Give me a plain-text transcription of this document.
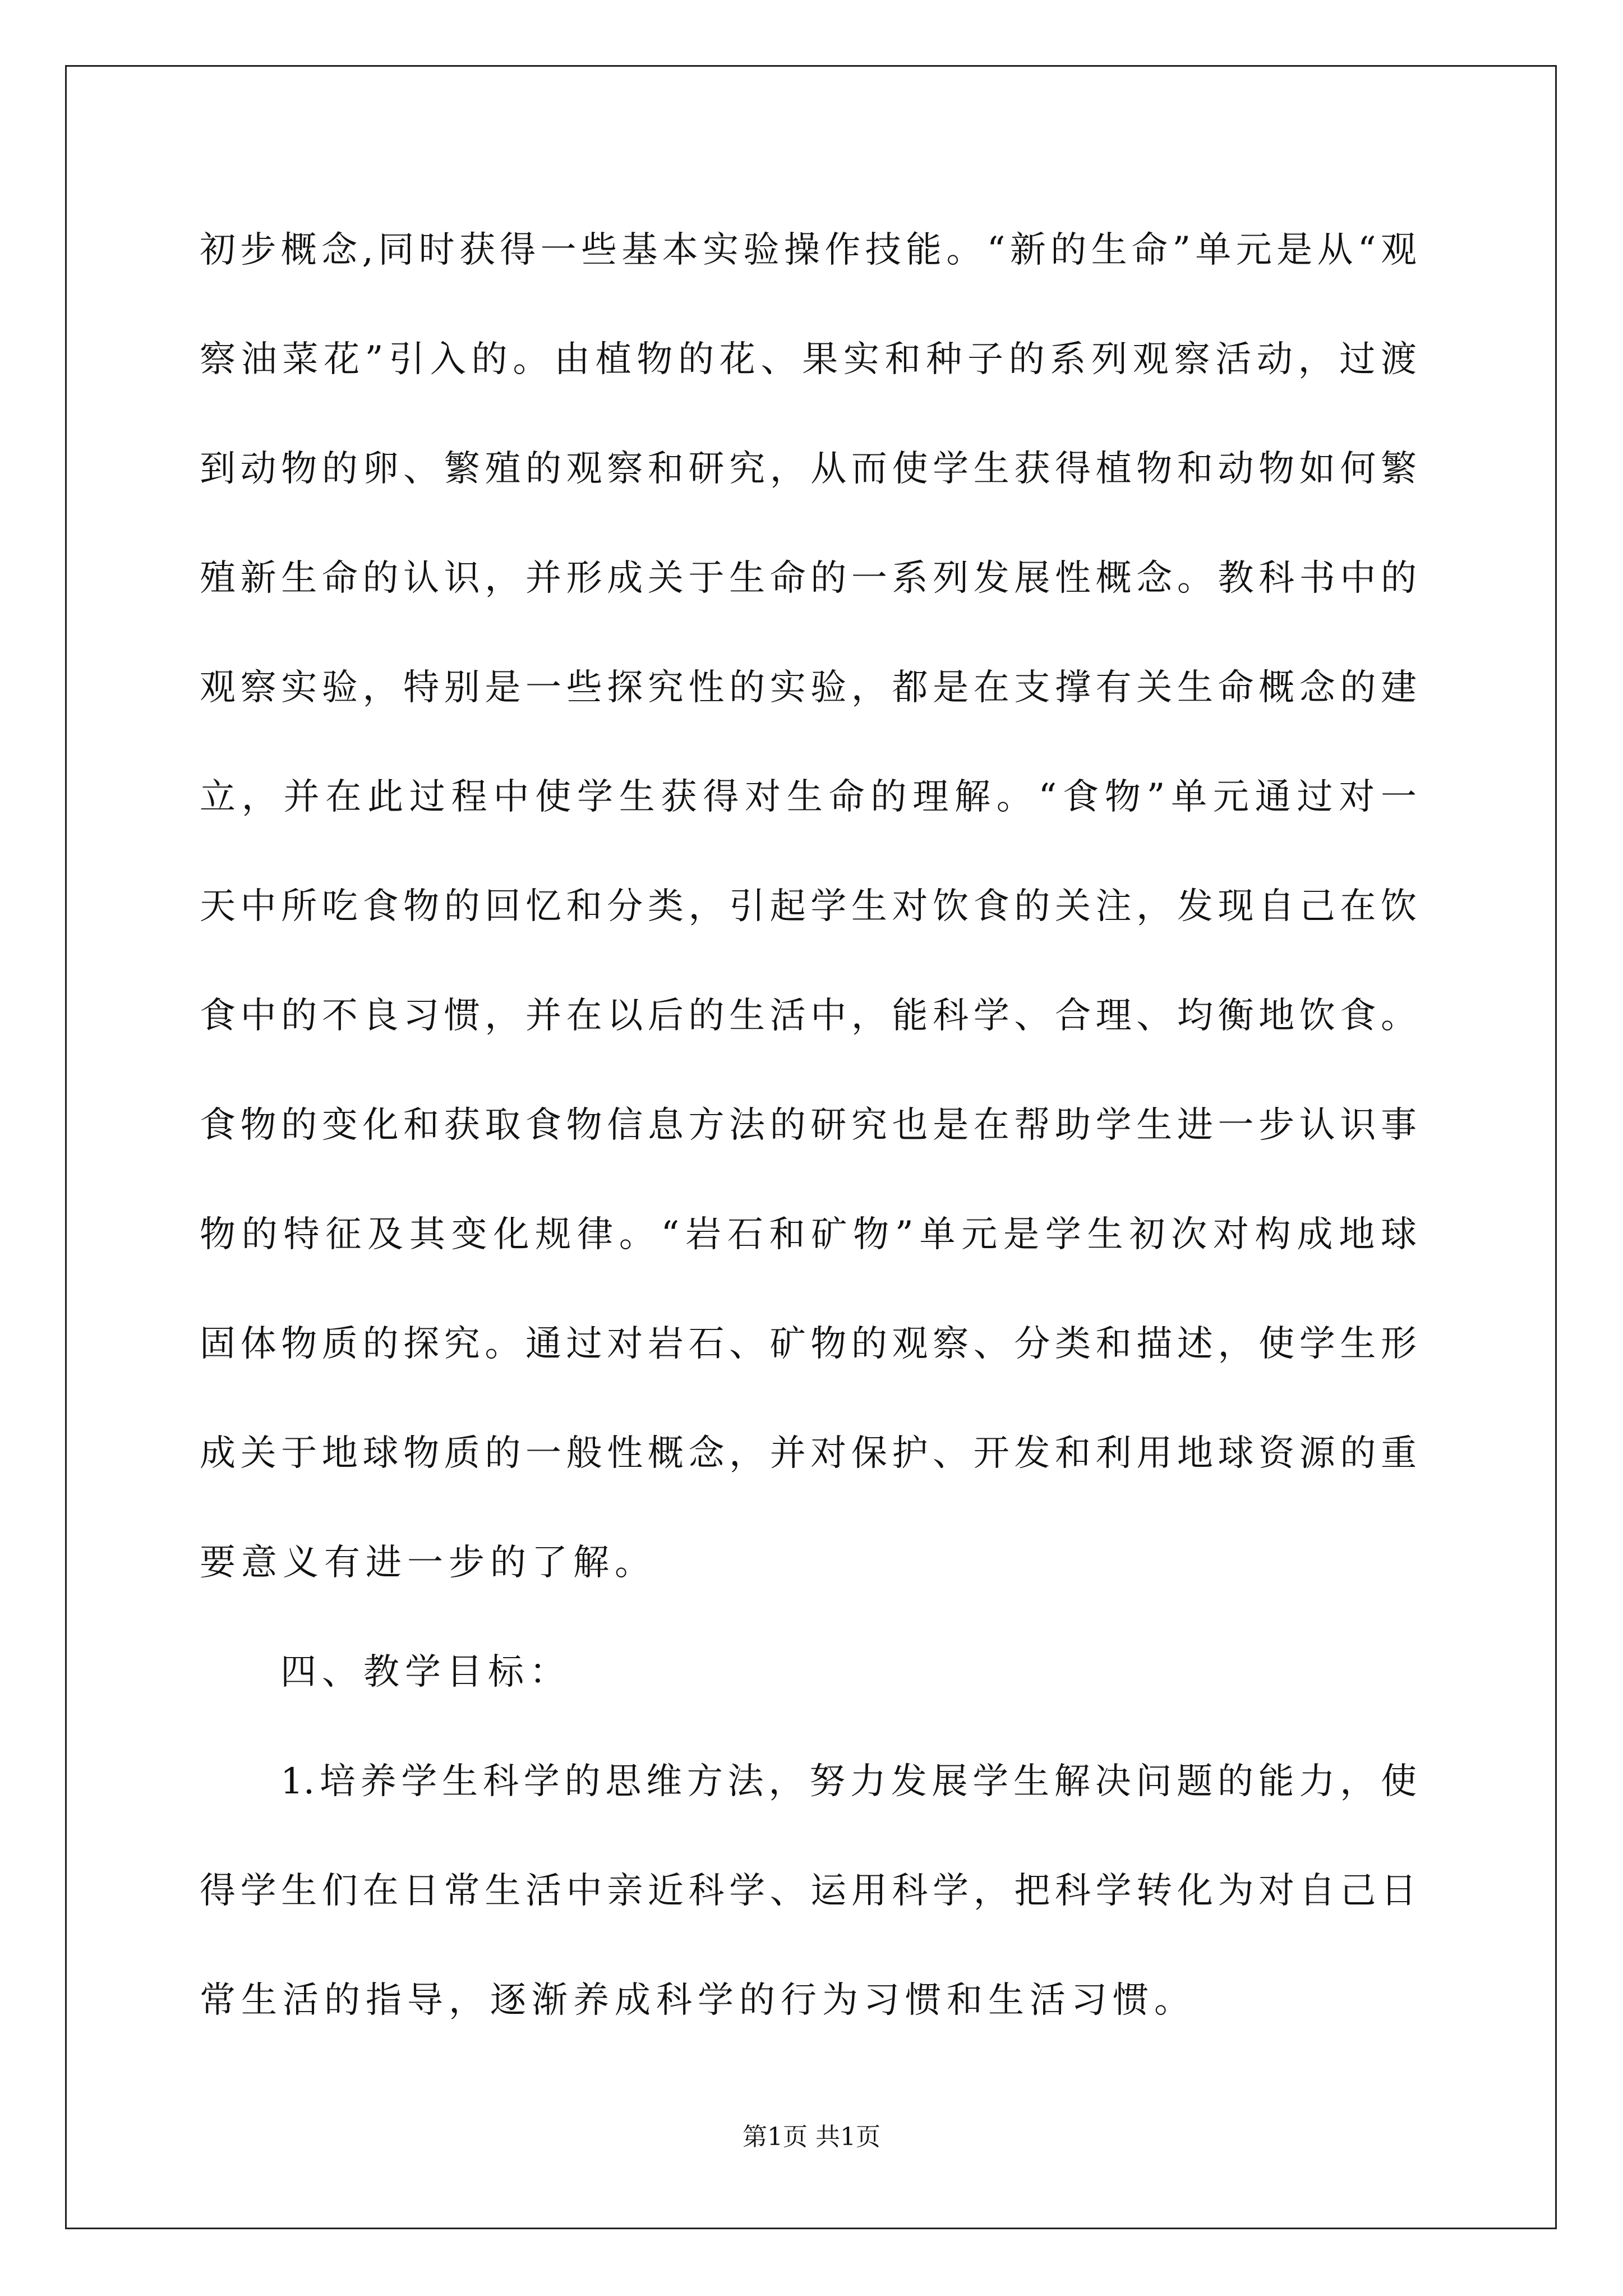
初步概念,同时获得一些基本实验操作技能。“新的生命”单元是从“观
察油菜花”引入的。由植物的花、果实和种子的系列观察活动，过渡
到动物的卵、繁殖的观察和研究，从而使学生获得植物和动物如何繁
殖新生命的认识，并形成关于生命的一系列发展性概念。教科书中的
观察实验，特别是一些探究性的实验，都是在支撑有关生命概念的建
立，并在此过程中使学生获得对生命的理解。“食物”单元通过对一
天中所吃食物的回忆和分类，引起学生对饮食的关注，发现自己在饮
食中的不良习惯，并在以后的生活中，能科学、合理、均衡地饮食。
食物的变化和获取食物信息方法的研究也是在帮助学生进一步认识事
物的特征及其变化规律。“岩石和矿物”单元是学生初次对构成地球
固体物质的探究。通过对岩石、矿物的观察、分类和描述，使学生形
成关于地球物质的一般性概念，并对保护、开发和利用地球资源的重
要意义有进一步的了解。
四、教学目标：
1.培养学生科学的思维方法，努力发展学生解决问题的能力，使
得学生们在日常生活中亲近科学、运用科学，把科学转化为对自己日
常生活的指导，逐渐养成科学的行为习惯和生活习惯。
第1页 共1页
